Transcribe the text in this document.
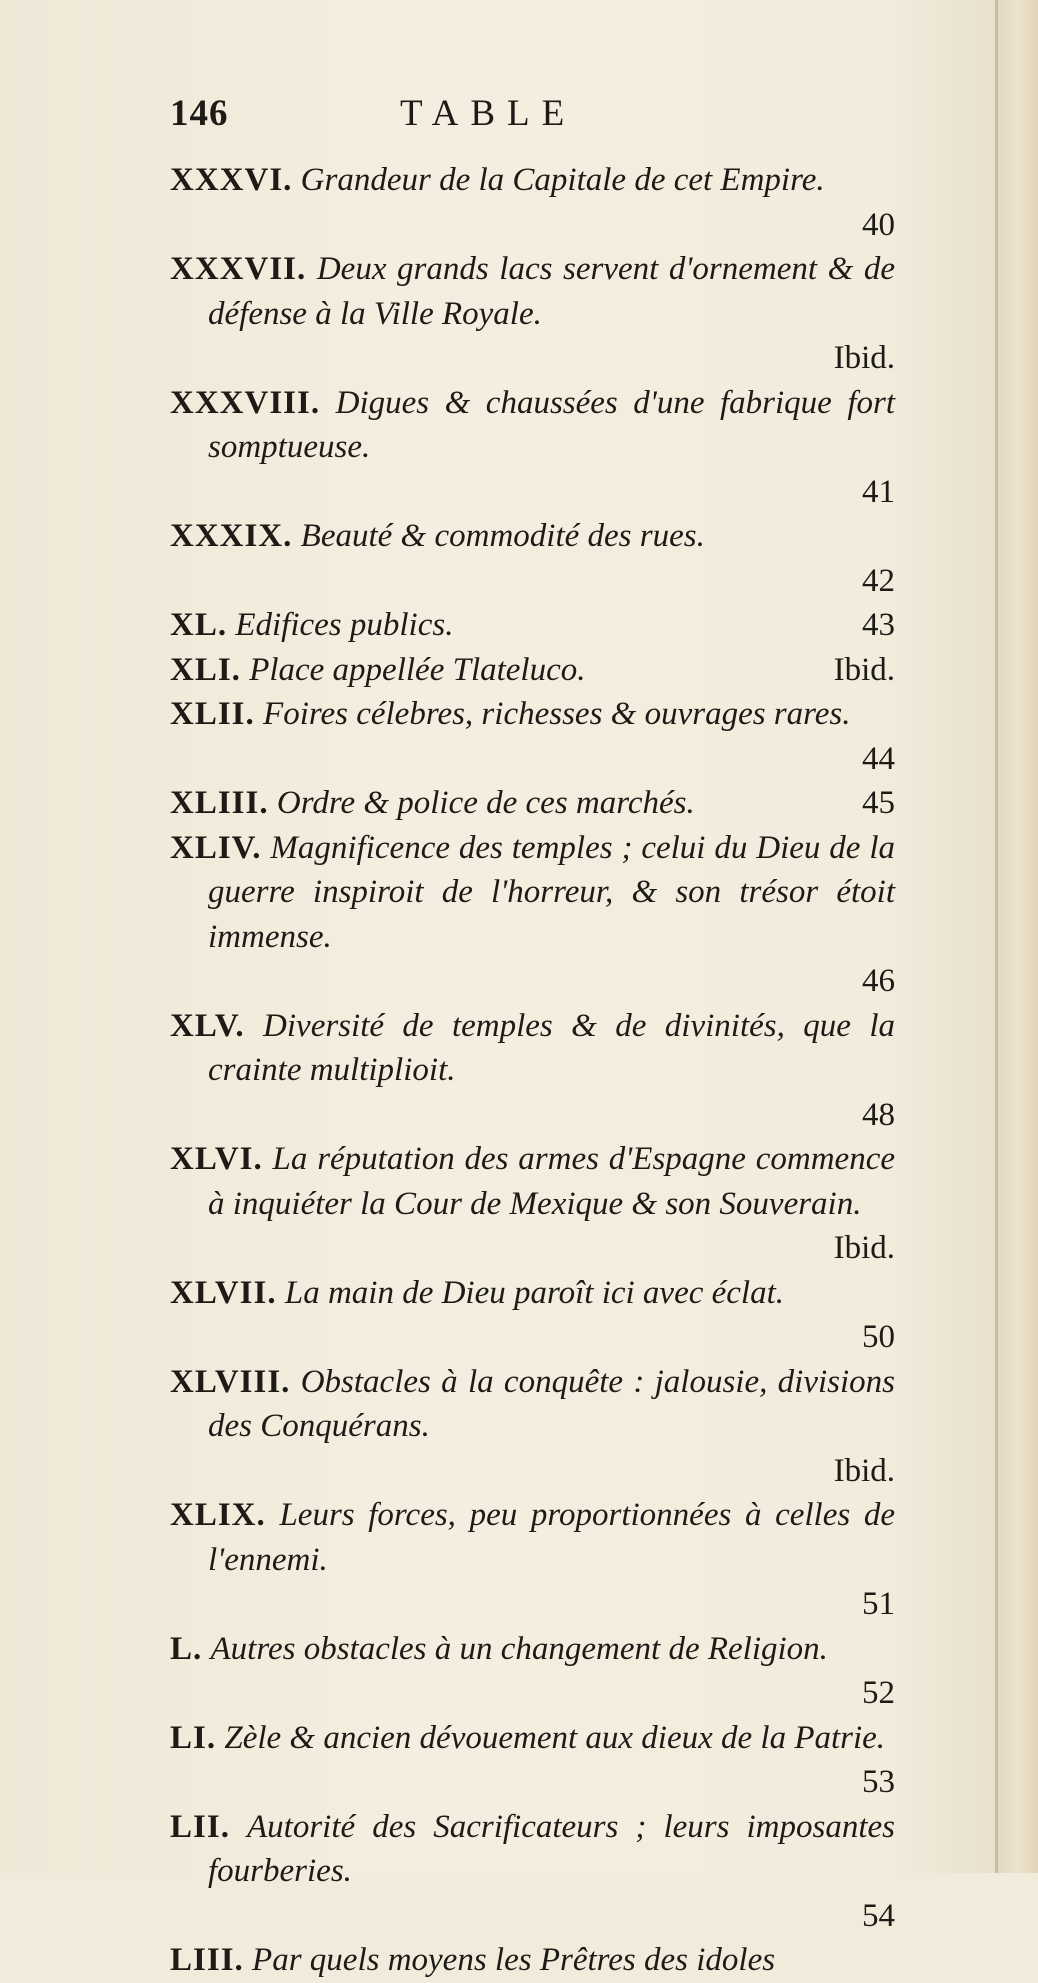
146	TABLE
XXXVI. Grandeur de la Capitale de cet Empire.
40
XXXVII. Deux grands lacs servent d'ornement & de défense à la Ville Royale.
Ibid.
XXXVIII. Digues & chaussées d'une fabrique fort somptueuse.
41
XXXIX. Beauté & commodité des rues.
42
XL. Edifices publics.	43
XLI. Place appellée Tlateluco.	Ibid.
XLII. Foires célebres, richesses & ouvrages rares.
44
XLIII. Ordre & police de ces marchés.	45
XLIV. Magnificence des temples ; celui du Dieu de la guerre inspiroit de l'horreur, & son trésor étoit immense.
46
XLV. Diversité de temples & de divinités, que la crainte multiplioit.
48
XLVI. La réputation des armes d'Espagne commence à inquiéter la Cour de Mexique & son Souverain.
Ibid.
XLVII. La main de Dieu paroît ici avec éclat.
50
XLVIII. Obstacles à la conquête : jalousie, divisions des Conquérans.
Ibid.
XLIX. Leurs forces, peu proportionnées à celles de l'ennemi.
51
L. Autres obstacles à un changement de Religion.
52
LI. Zèle & ancien dévouement aux dieux de la Patrie.
53
LII. Autorité des Sacrificateurs ; leurs imposantes fourberies.
54
LIII. Par quels moyens les Prêtres des idoles
